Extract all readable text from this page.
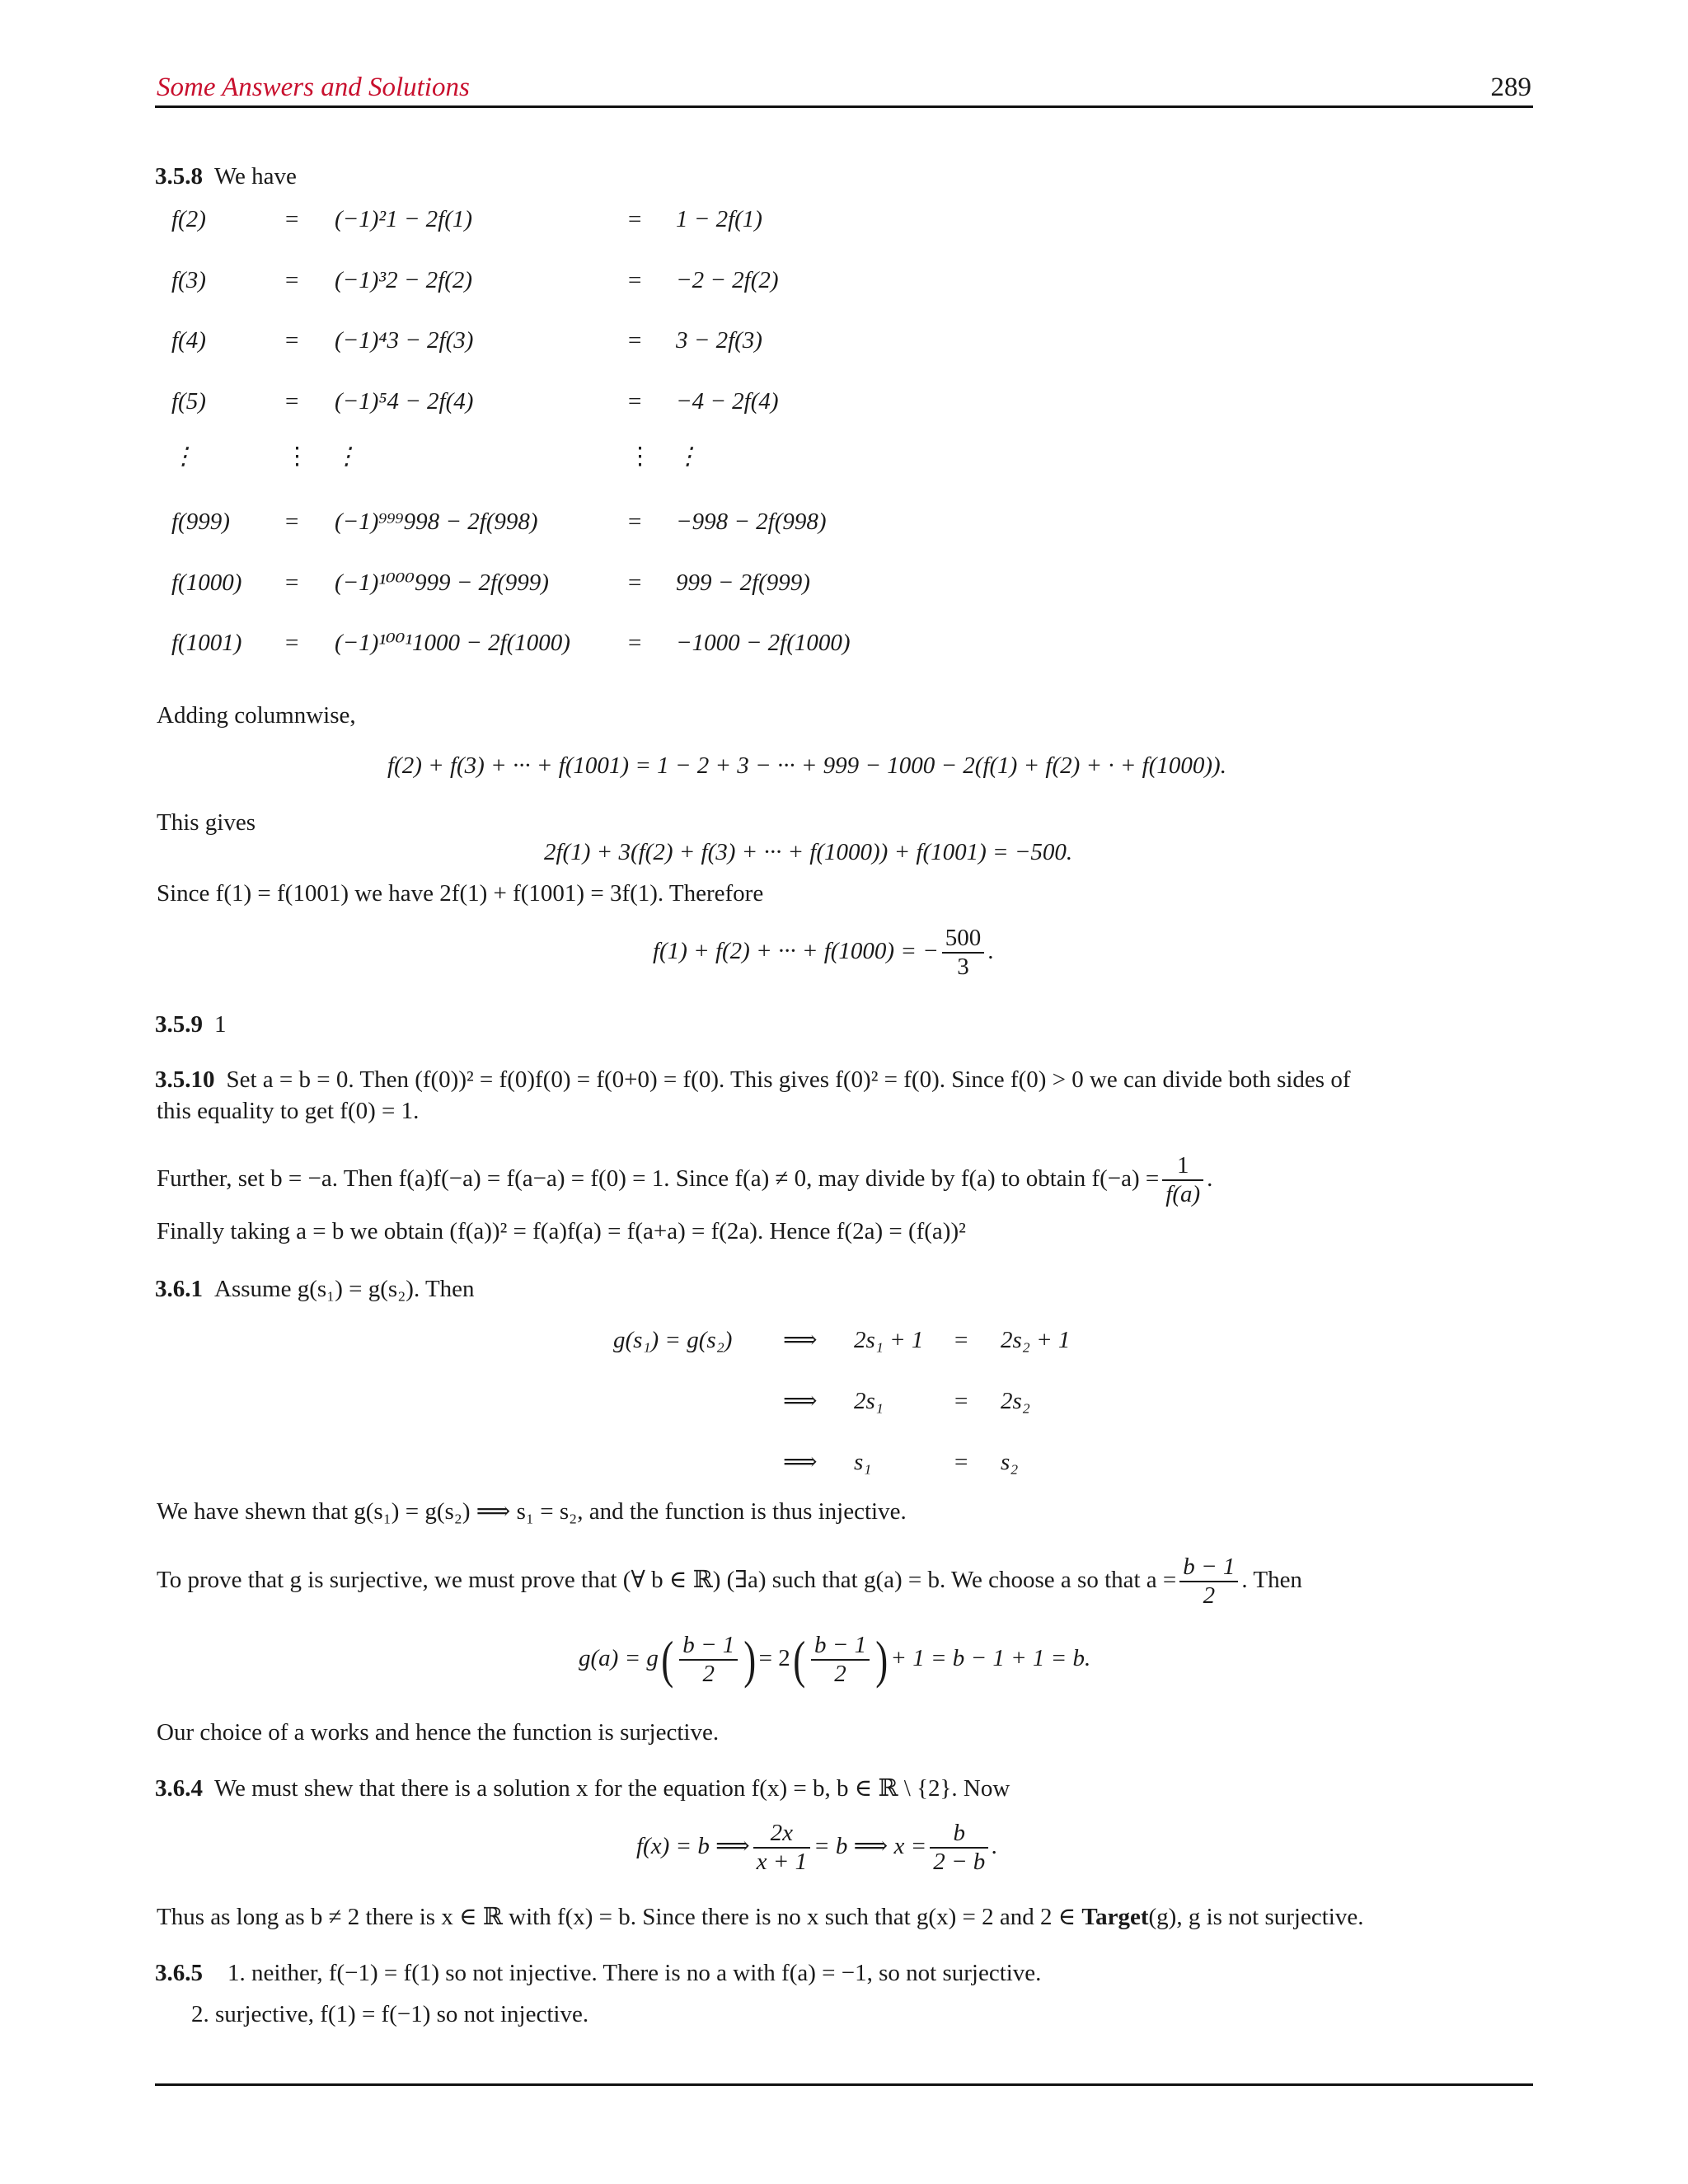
Some Answers and Solutions	289
3.5.8 We have
f(2)	= (−1)²1 − 2f(1)	= 1 − 2f(1)
f(3)	= (−1)³2 − 2f(2)	= −2 − 2f(2)
f(4)	= (−1)⁴3 − 2f(3)	= 3 − 2f(3)
f(5)	= (−1)⁵4 − 2f(4)	= −4 − 2f(4)
⋮	⋮ ⋮	⋮ ⋮
f(999) = (−1)⁹⁹⁹998 − 2f(998)	= −998 − 2f(998)
f(1000) = (−1)¹⁰⁰⁰999 − 2f(999)	= 999 − 2f(999)
f(1001) = (−1)¹⁰⁰¹1000 − 2f(1000) = −1000 − 2f(1000)
Adding columnwise,
f(2) + f(3) + ··· + f(1001) = 1 − 2 + 3 − ··· + 999 − 1000 − 2(f(1) + f(2) + · + f(1000)).
This gives
2f(1) + 3(f(2) + f(3) + ··· + f(1000)) + f(1001) = −500.
Since f(1) = f(1001) we have 2f(1) + f(1001) = 3f(1). Therefore
f(1) + f(2) + ··· + f(1000) = − $\frac{500}{3}$ .
3.5.9 1
3.5.10 Set a = b = 0. Then (f(0))² = f(0)f(0) = f(0+0) = f(0). This gives f(0)² = f(0). Since f(0) > 0 we can divide both sides of
this equality to get f(0) = 1.
Further, set b = −a. Then f(a)f(−a) = f(a−a) = f(0) = 1. Since f(a) ≠ 0, may divide by f(a) to obtain $f(-a) = \frac{1}{f(a)}$ .
Finally taking a = b we obtain (f(a))² = f(a)f(a) = f(a+a) = f(2a). Hence f(2a) = (f(a))²
3.6.1 Assume g(s₁) = g(s₂). Then
g(s₁) = g(s₂) ⟹ 2s₁ + 1 = 2s₂ + 1
⟹ 2s₁	= 2s₂
⟹ s₁	= s₂
We have shewn that g(s₁) = g(s₂) ⟹ s₁ = s₂, and the function is thus injective.
To prove that g is surjective, we must prove that (∀ b ∈ ℝ) (∃a) such that g(a) = b. We choose a so that $a = \frac{b - 1}{2}$ . Then
$g(a) = g( \frac{b - 1}{2}$ ) = $2( \frac{b - 1}{2}$ ) + 1 = b − 1 + 1 = b.
Our choice of a works and hence the function is surjective.
3.6.4 We must shew that there is a solution x for the equation f(x) = b, b ∈ ℝ \ {2}. Now
f(x) = b ⟹ $\frac{2x}{x + 1} = b$ ⟹ $x = \frac{b}{2 - b}$ .
Thus as long as b ≠ 2 there is x ∈ ℝ with f(x) = b. Since there is no x such that g(x) = 2 and 2 ∈ Target(g), g is not surjective.
3.6.5 1. neither, f(−1) = f(1) so not injective. There is no a with f(a) = −1, so not surjective.
2. surjective, f(1) = f(−1) so not injective.
